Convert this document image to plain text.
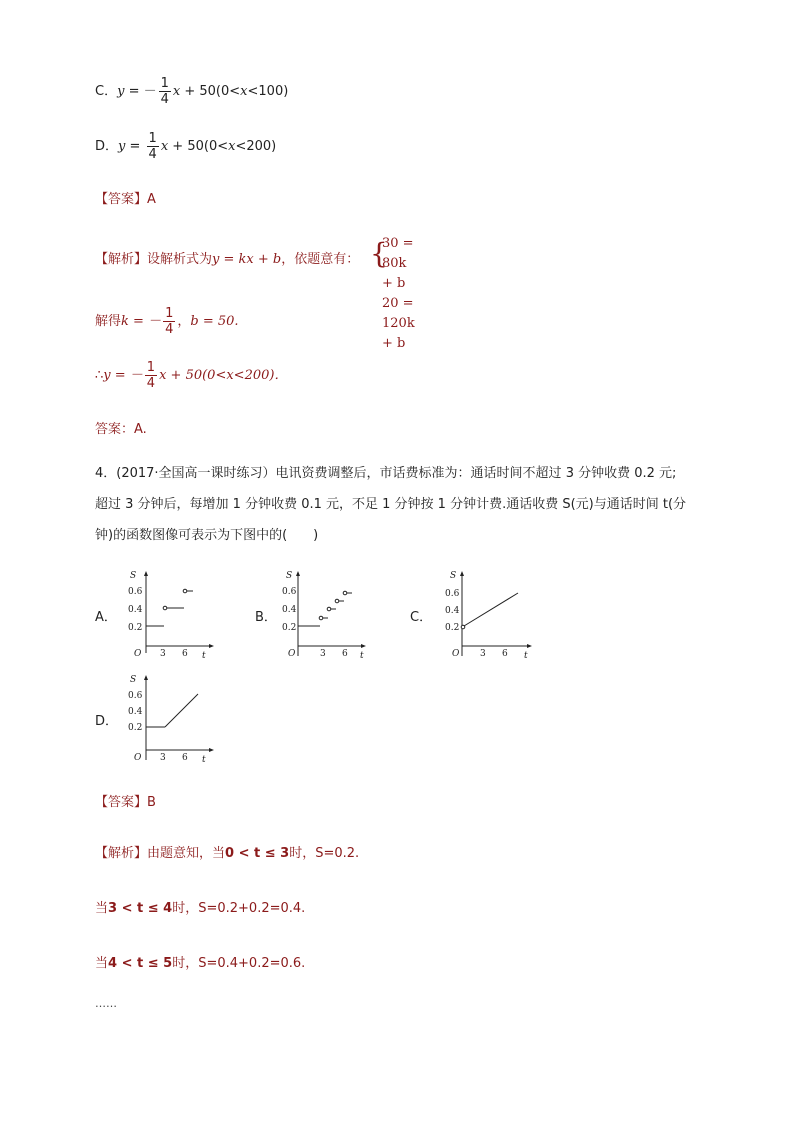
C．y = － $\frac{1}{4}$ x + 50(0<x<100)
D．$y = \frac{1}{4}$ x + 50(0<x<200)
【答案】A
【解析】设解析式为y = kx + b，依题意有： {
30 = 80k + b
20 = 120k + b
解得k = － $\frac{1}{4}$ ，b = 50.
∴y = － $\frac{1}{4}$ x + 50(0<x<200)．
答案：A.
4．(2017·全国高一课时练习）电讯资费调整后，市话费标准为：通话时间不超过 3 分钟收费 0.2 元;
超过 3 分钟后，每增加 1 分钟收费 0.1 元，不足 1 分钟按 1 分钟计费.通话收费 S(元)与通话时间 t(分
钟)的函数图像可表示为下图中的(　　)
A．	B．	C．
D．
S
0.6
0.4
0.2
O 3 6 t
S
0.6
0.4
0.2
O	3 6 t
S
0.6
0.4
0.2
O 3 6 t
S
0.6
0.4
0.2
O 3 6 t
【答案】B
【解析】由题意知，当0 < t ≤ 3时，S=0.2.
当3 < t ≤ 4时，S=0.2+0.2=0.4.
当4 < t ≤ 5时，S=0.4+0.2=0.6.
……
